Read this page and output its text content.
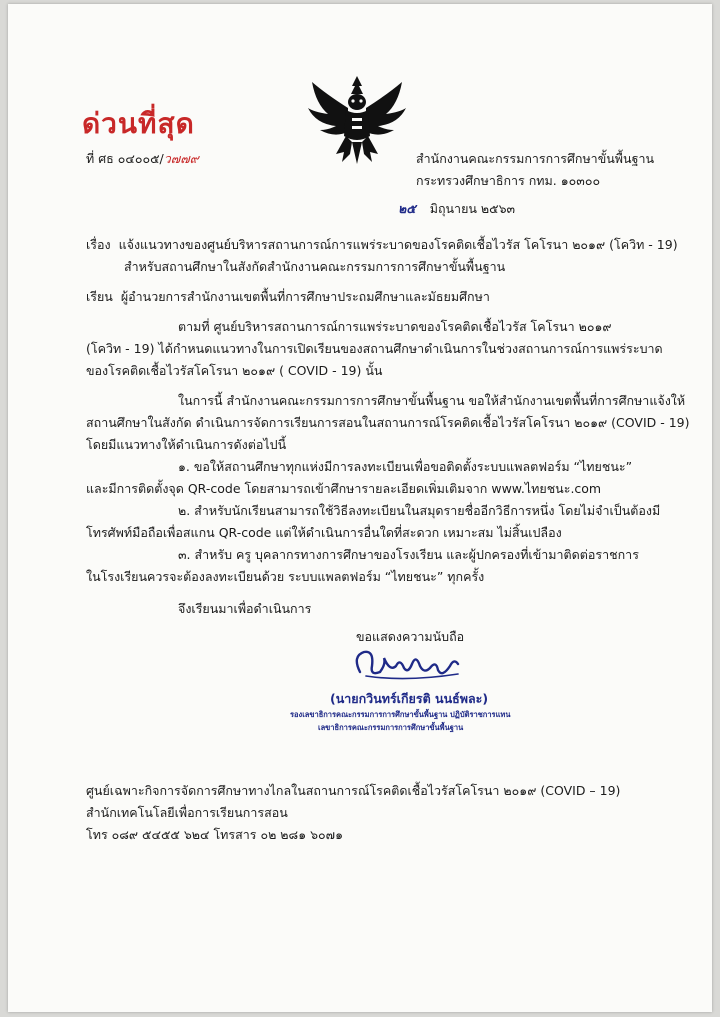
ด่วนที่สุด
ที่ ศธ ๐๔๐๐๕/ว๗๗๙	สำนักงานคณะกรรมการการศึกษาขั้นพื้นฐาน
กระทรวงศึกษาธิการ กทม. ๑๐๓๐๐
๒๕ มิถุนายน ๒๕๖๓
เรื่อง แจ้งแนวทางของศูนย์บริหารสถานการณ์การแพร่ระบาดของโรคติดเชื้อไวรัส โคโรนา ๒๐๑๙ (โควิท - 19)
สำหรับสถานศึกษาในสังกัดสำนักงานคณะกรรมการการศึกษาขั้นพื้นฐาน
เรียน ผู้อำนวยการสำนักงานเขตพื้นที่การศึกษาประถมศึกษาและมัธยมศึกษา
ตามที่ ศูนย์บริหารสถานการณ์การแพร่ระบาดของโรคติดเชื้อไวรัส โคโรนา ๒๐๑๙
(โควิท - 19) ได้กำหนดแนวทางในการเปิดเรียนของสถานศึกษาดำเนินการในช่วงสถานการณ์การแพร่ระบาด
ของโรคติดเชื้อไวรัสโคโรนา ๒๐๑๙ ( COVID - 19) นั้น
ในการนี้ สำนักงานคณะกรรมการการศึกษาขั้นพื้นฐาน ขอให้สำนักงานเขตพื้นที่การศึกษาแจ้งให้
สถานศึกษาในสังกัด ดำเนินการจัดการเรียนการสอนในสถานการณ์โรคติดเชื้อไวรัสโคโรนา ๒๐๑๙ (COVID - 19)
โดยมีแนวทางให้ดำเนินการดังต่อไปนี้
๑. ขอให้สถานศึกษาทุกแห่งมีการลงทะเบียนเพื่อขอติดตั้งระบบแพลตฟอร์ม “ไทยชนะ”
และมีการติดตั้งจุด QR-code โดยสามารถเข้าศึกษารายละเอียดเพิ่มเติมจาก www.ไทยชนะ.com
๒. สำหรับนักเรียนสามารถใช้วิธีลงทะเบียนในสมุดรายชื่ออีกวิธีการหนึ่ง โดยไม่จำเป็นต้องมี
โทรศัพท์มือถือเพื่อสแกน QR-code แต่ให้ดำเนินการอื่นใดที่สะดวก เหมาะสม ไม่สิ้นเปลือง
๓. สำหรับ ครู บุคลากรทางการศึกษาของโรงเรียน และผู้ปกครองที่เข้ามาติดต่อราชการ
ในโรงเรียนควรจะต้องลงทะเบียนด้วย ระบบแพลตฟอร์ม “ไทยชนะ” ทุกครั้ง
จึงเรียนมาเพื่อดำเนินการ
ขอแสดงความนับถือ
(นายกวินทร์เกียรติ นนธ์พละ)
รองเลขาธิการคณะกรรมการการศึกษาขั้นพื้นฐาน ปฏิบัติราชการแทน
เลขาธิการคณะกรรมการการศึกษาขั้นพื้นฐาน
ศูนย์เฉพาะกิจการจัดการศึกษาทางไกลในสถานการณ์โรคติดเชื้อไวรัสโคโรนา ๒๐๑๙ (COVID – 19)
สำนักเทคโนโลยีเพื่อการเรียนการสอน
โทร ๐๘๙ ๕๔๕๕ ๖๒๔ โทรสาร ๐๒ ๒๘๑ ๖๐๗๑
